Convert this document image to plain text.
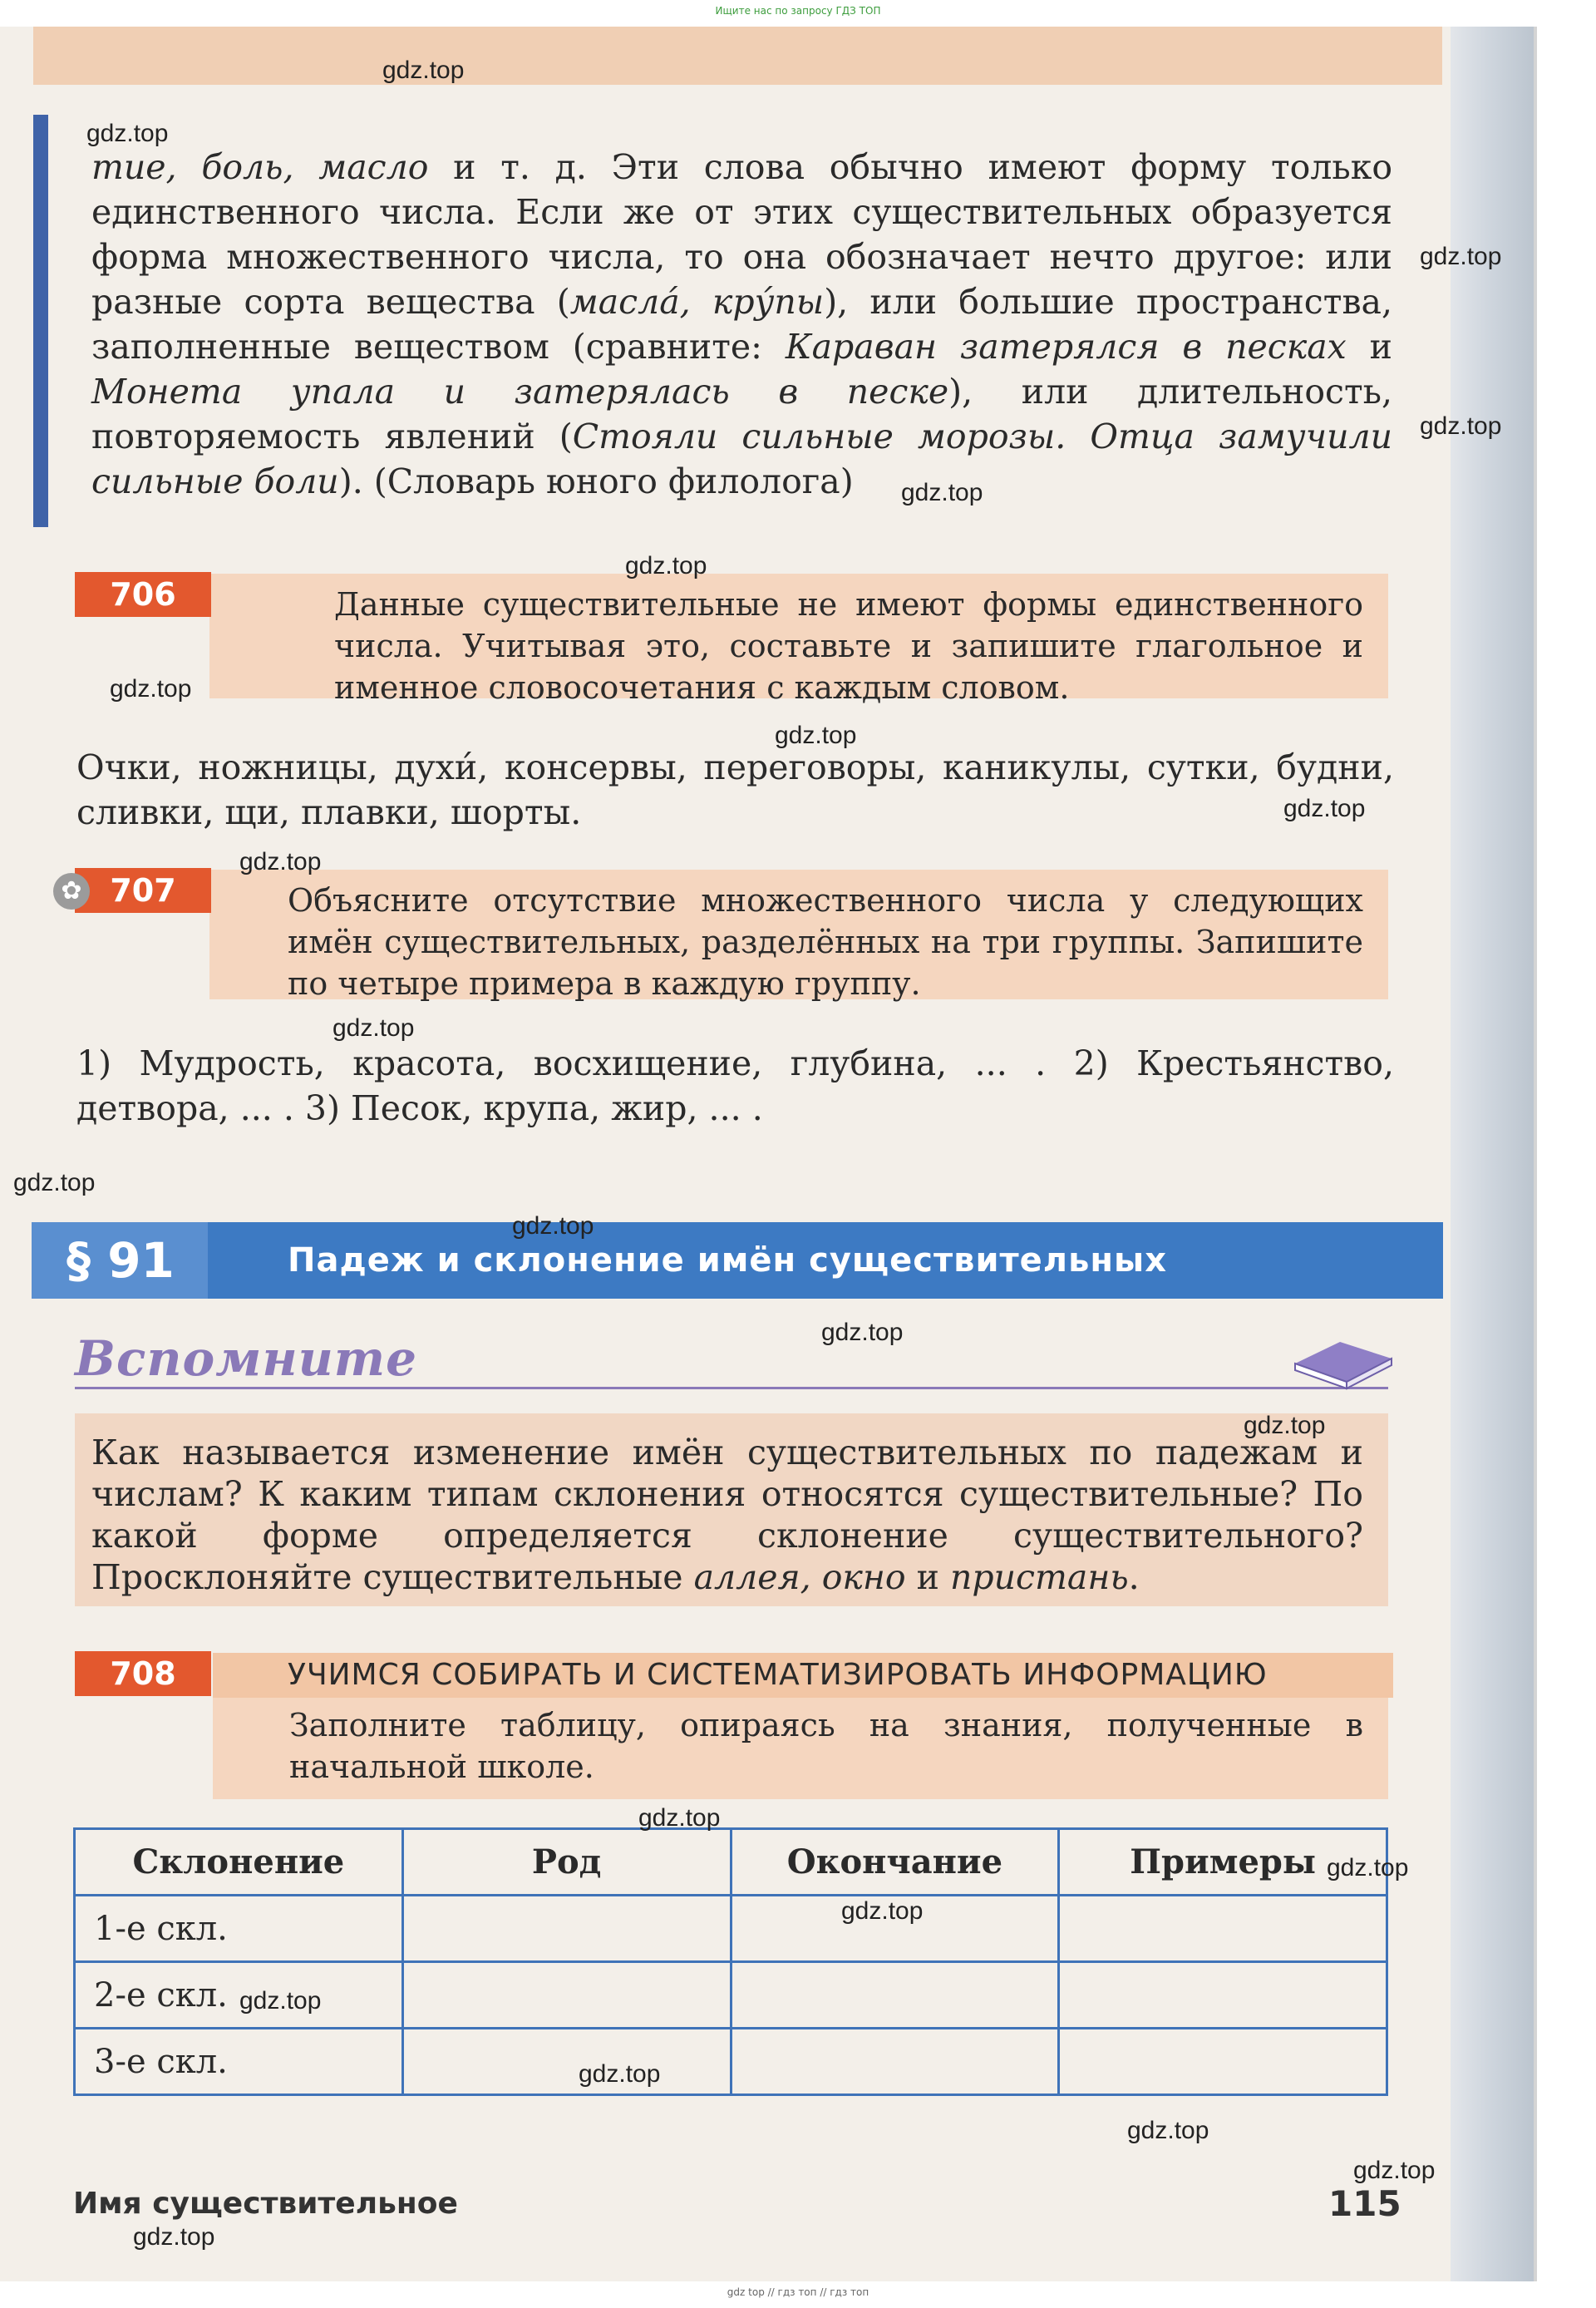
Ищите нас по запросу ГДЗ ТОП

тие, боль, масло и т. д. Эти слова обычно имеют форму только единственного числа. Если же от этих существительных образуется форма множественного числа, то она обозначает нечто другое: или разные сорта вещества (масла́, кру́пы), или большие пространства, заполненные веществом (сравните: Караван затерялся в песках и Монета упала и затерялась в песке), или длительность, повторяемость явлений (Стояли сильные морозы. Отца замучили сильные боли). (Словарь юного филолога)

Данные существительные не имеют формы единственного числа. Учитывая это, составьте и запишите глагольное и именное словосочетания с каждым словом.
706
Очки, ножницы, духи́, консервы, переговоры, каникулы, сутки, будни, сливки, щи, плавки, шорты.
Объясните отсутствие множественного числа у следующих имён существительных, разделённых на три группы. Запишите по четыре примера в каждую группу.
707
✿
1) Мудрость, красота, восхищение, глубина, ... . 2) Крестьянство, детвора, ... . 3) Песок, крупа, жир, ... .
§ 91	Падеж и склонение имён существительных
Вспомните
Как называется изменение имён существительных по падежам и числам? К каким типам склонения относятся существительные? По какой форме определяется склонение существительного? Просклоняйте существительные аллея, окно и пристань.
УЧИМСЯ СОБИРАТЬ И СИСТЕМАТИЗИРОВАТЬ ИНФОРМАЦИЮ
Заполните таблицу, опираясь на знания, полученные в начальной школе.
708
Склонение	Род	Окончание	Примеры
1-е скл.			
2-е скл.			
3-е скл.			
Имя существительное	115
gdz.top
gdz.top
gdz.top
gdz.top
gdz.top
gdz.top
gdz.top
gdz.top
gdz.top
gdz.top
gdz.top
gdz.top
gdz.top
gdz.top
gdz.top
gdz.top
gdz.top
gdz.top
gdz.top
gdz.top
gdz.top
gdz.top
gdz.top
gdz top // гдз топ // гдз топ
